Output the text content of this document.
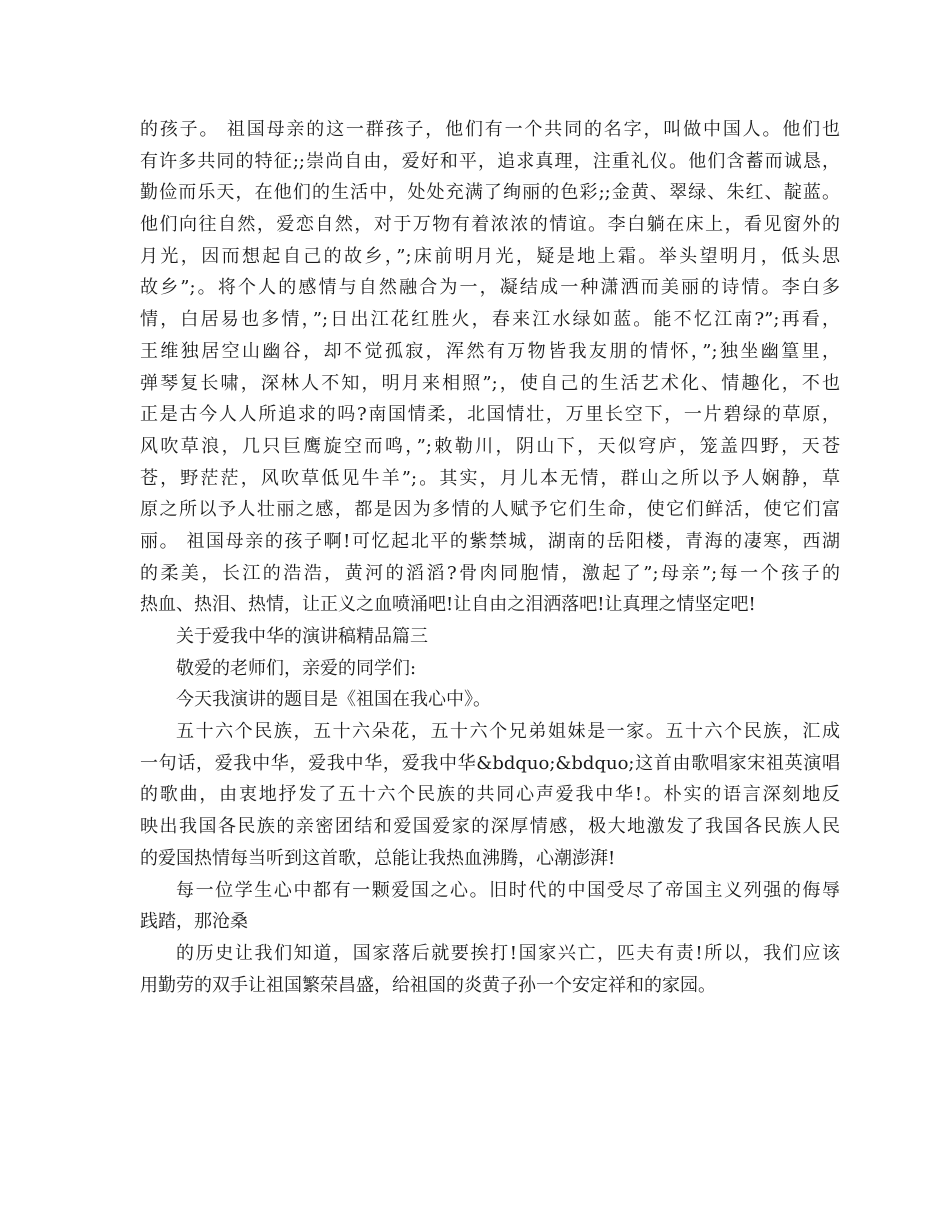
的孩子。 祖国母亲的这一群孩子，他们有一个共同的名字，叫做中国人。他们也
有许多共同的特征;;崇尚自由，爱好和平，追求真理，注重礼仪。他们含蓄而诚恳，
勤俭而乐天，在他们的生活中，处处充满了绚丽的色彩;;金黄、翠绿、朱红、靛蓝。
他们向往自然，爱恋自然，对于万物有着浓浓的情谊。李白躺在床上，看见窗外的
月光，因而想起自己的故乡，”;床前明月光，疑是地上霜。举头望明月，低头思
故乡”;。将个人的感情与自然融合为一，凝结成一种潇洒而美丽的诗情。李白多
情，白居易也多情，”;日出江花红胜火，春来江水绿如蓝。能不忆江南?”;再看，
王维独居空山幽谷，却不觉孤寂，浑然有万物皆我友朋的情怀，”;独坐幽篁里，
弹琴复长啸，深林人不知，明月来相照”;，使自己的生活艺术化、情趣化，不也
正是古今人人所追求的吗?南国情柔，北国情壮，万里长空下，一片碧绿的草原，
风吹草浪，几只巨鹰旋空而鸣，”;敕勒川，阴山下，天似穹庐，笼盖四野，天苍
苍，野茫茫，风吹草低见牛羊”;。其实，月儿本无情，群山之所以予人娴静，草
原之所以予人壮丽之感，都是因为多情的人赋予它们生命，使它们鲜活，使它们富
丽。 祖国母亲的孩子啊!可忆起北平的紫禁城，湖南的岳阳楼，青海的凄寒，西湖
的柔美，长江的浩浩，黄河的滔滔?骨肉同胞情，激起了”;母亲”;每一个孩子的
热血、热泪、热情，让正义之血喷涌吧!让自由之泪洒落吧!让真理之情坚定吧!
关于爱我中华的演讲稿精品篇三
敬爱的老师们，亲爱的同学们:
今天我演讲的题目是《祖国在我心中》。
五十六个民族，五十六朵花，五十六个兄弟姐妹是一家。五十六个民族，汇成
一句话，爱我中华，爱我中华，爱我中华&bdquo;&bdquo;这首由歌唱家宋祖英演唱
的歌曲，由衷地抒发了五十六个民族的共同心声爱我中华!。朴实的语言深刻地反
映出我国各民族的亲密团结和爱国爱家的深厚情感，极大地激发了我国各民族人民
的爱国热情每当听到这首歌，总能让我热血沸腾，心潮澎湃!
每一位学生心中都有一颗爱国之心。旧时代的中国受尽了帝国主义列强的侮辱
践踏，那沧桑
的历史让我们知道，国家落后就要挨打!国家兴亡，匹夫有责!所以，我们应该
用勤劳的双手让祖国繁荣昌盛，给祖国的炎黄子孙一个安定祥和的家园。
